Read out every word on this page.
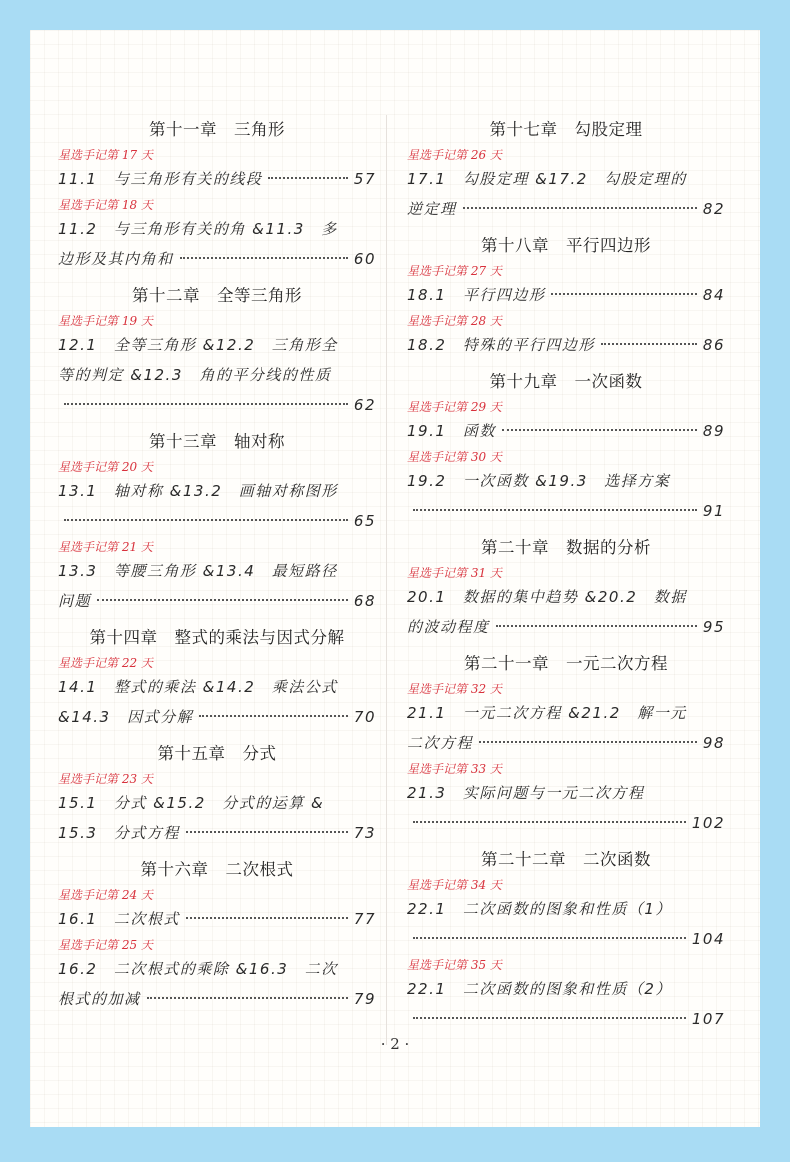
第十一章　三角形
星选手记第 17 天
11.1　与三角形有关的线段	57
星选手记第 18 天
11.2　与三角形有关的角 &11.3　多
边形及其内角和	60
第十二章　全等三角形
星选手记第 19 天
12.1　全等三角形 &12.2　三角形全
等的判定 &12.3　角的平分线的性质
62
第十三章　轴对称
星选手记第 20 天
13.1　轴对称 &13.2　画轴对称图形
65
星选手记第 21 天
13.3　等腰三角形 &13.4　最短路径
问题	68
第十四章　整式的乘法与因式分解
星选手记第 22 天
14.1　整式的乘法 &14.2　乘法公式
&14.3　因式分解	70
第十五章　分式
星选手记第 23 天
15.1　分式 &15.2　分式的运算 &
15.3　分式方程	73
第十六章　二次根式
星选手记第 24 天
16.1　二次根式	77
星选手记第 25 天
16.2　二次根式的乘除 &16.3　二次
根式的加减	79
第十七章　勾股定理
星选手记第 26 天
17.1　勾股定理 &17.2　勾股定理的
逆定理	82
第十八章　平行四边形
星选手记第 27 天
18.1　平行四边形	84
星选手记第 28 天
18.2　特殊的平行四边形	86
第十九章　一次函数
星选手记第 29 天
19.1　函数	89
星选手记第 30 天
19.2　一次函数 &19.3　选择方案
91
第二十章　数据的分析
星选手记第 31 天
20.1　数据的集中趋势 &20.2　数据
的波动程度	95
第二十一章　一元二次方程
星选手记第 32 天
21.1　一元二次方程 &21.2　解一元
二次方程	98
星选手记第 33 天
21.3　实际问题与一元二次方程
102
第二十二章　二次函数
星选手记第 34 天
22.1　二次函数的图象和性质（1）
104
星选手记第 35 天
22.1　二次函数的图象和性质（2）
107
· 2 ·
